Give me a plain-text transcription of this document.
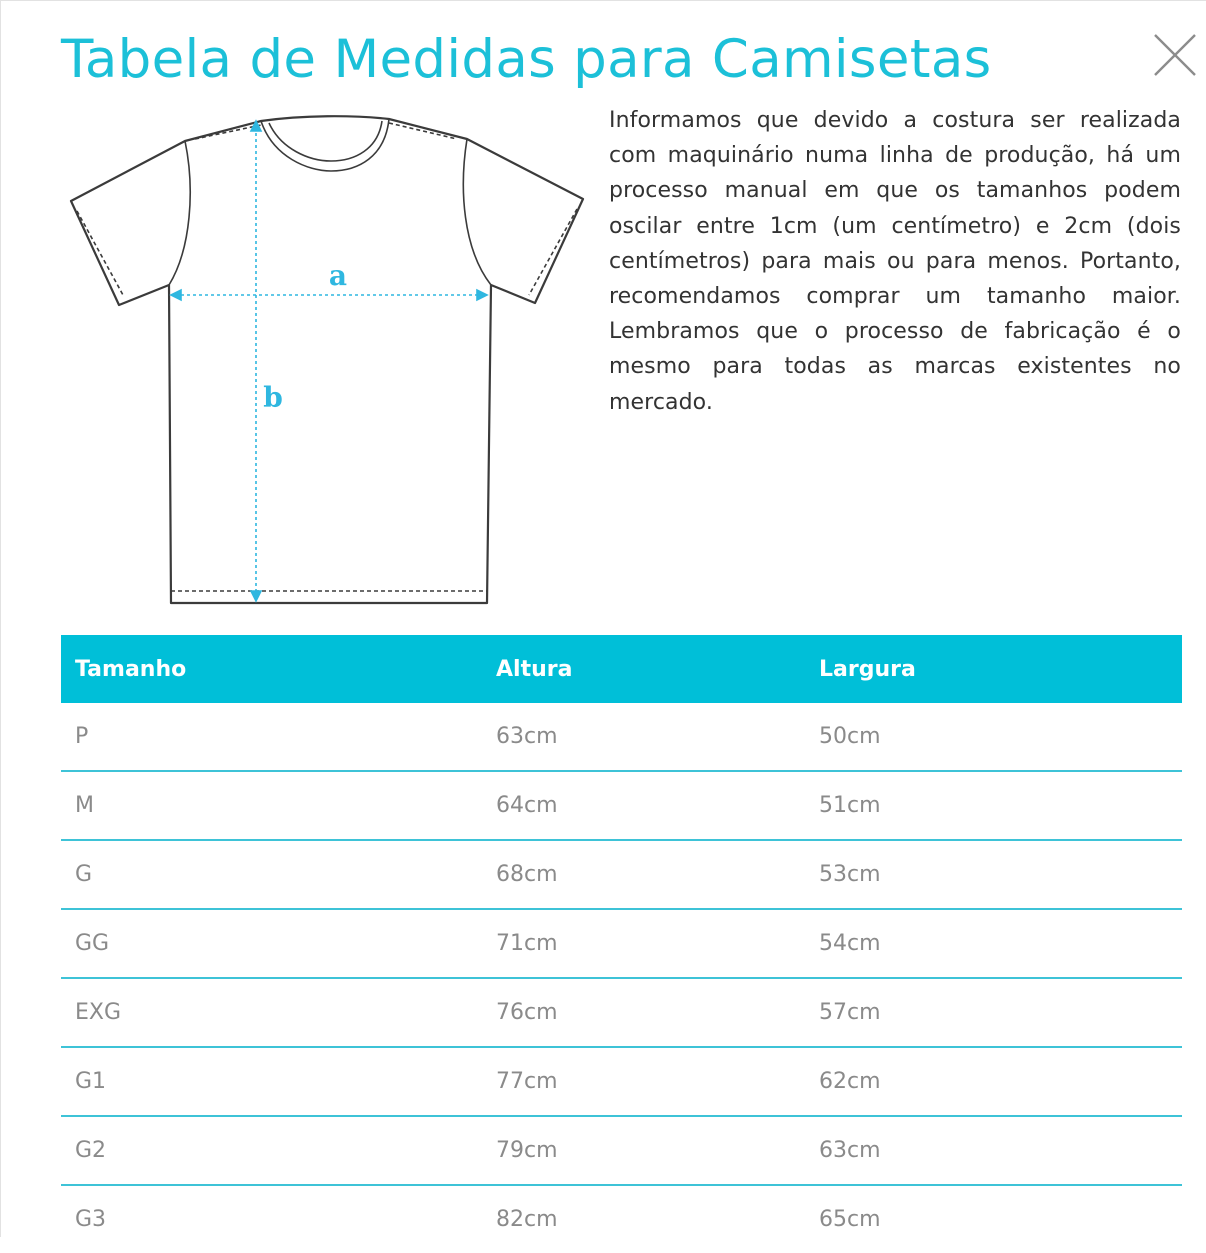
Tabela de Medidas para Camisetas
a
b

Informamos que devido a costura ser realizada com maquinário numa linha de produção, há um processo manual em que os tamanhos podem oscilar entre 1cm (um centímetro) e 2cm (dois centímetros) para mais ou para menos. Portanto, recomendamos comprar um tamanho maior. Lembramos que o processo de fabricação é o mesmo para todas as marcas existentes no mercado.

Tamanho	Altura	Largura
P	63cm	50cm
M	64cm	51cm
G	68cm	53cm
GG	71cm	54cm
EXG	76cm	57cm
G1	77cm	62cm
G2	79cm	63cm
G3	82cm	65cm
